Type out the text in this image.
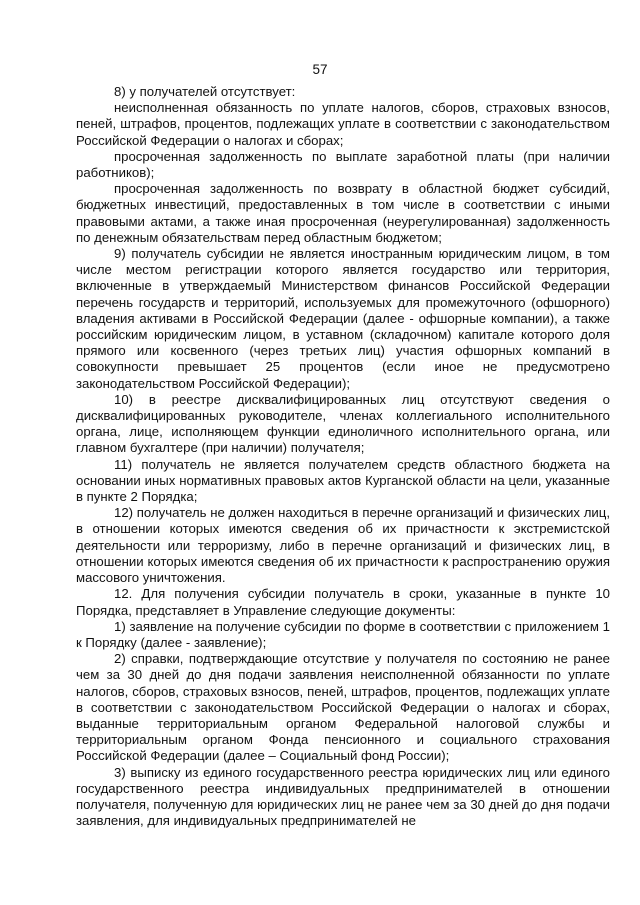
57

8) у получателей отсутствует:

неисполненная обязанность по уплате налогов, сборов, страховых взносов, пеней, штрафов, процентов, подлежащих уплате в соответствии с законодательством Российской Федерации о налогах и сборах;

просроченная задолженность по выплате заработной платы (при наличии работников);

просроченная задолженность по возврату в областной бюджет субсидий, бюджетных инвестиций, предоставленных в том числе в соответствии с иными правовыми актами, а также иная просроченная (неурегулированная) задолженность по денежным обязательствам перед областным бюджетом;

9) получатель субсидии не является иностранным юридическим лицом, в том числе местом регистрации которого является государство или территория, включенные в утверждаемый Министерством финансов Российской Федерации перечень государств и территорий, используемых для промежуточного (офшорного) владения активами в Российской Федерации (далее - офшорные компании), а также российским юридическим лицом, в уставном (складочном) капитале которого доля прямого или косвенного (через третьих лиц) участия офшорных компаний в совокупности превышает 25 процентов (если иное не предусмотрено законодательством Российской Федерации);

10) в реестре дисквалифицированных лиц отсутствуют сведения о дисквалифицированных руководителе, членах коллегиального исполнительного органа, лице, исполняющем функции единоличного исполнительного органа, или главном бухгалтере (при наличии) получателя;

11) получатель не является получателем средств областного бюджета на основании иных нормативных правовых актов Курганской области на цели, указанные в пункте 2 Порядка;

12) получатель не должен находиться в перечне организаций и физических лиц, в отношении которых имеются сведения об их причастности к экстремистской деятельности или терроризму, либо в перечне организаций и физических лиц, в отношении которых имеются сведения об их причастности к распространению оружия массового уничтожения.

12. Для получения субсидии получатель в сроки, указанные в пункте 10 Порядка, представляет в Управление следующие документы:

1) заявление на получение субсидии по форме в соответствии с приложением 1 к Порядку (далее - заявление);

2) справки, подтверждающие отсутствие у получателя по состоянию не ранее чем за 30 дней до дня подачи заявления неисполненной обязанности по уплате налогов, сборов, страховых взносов, пеней, штрафов, процентов, подлежащих уплате в соответствии с законодательством Российской Федерации о налогах и сборах, выданные территориальным органом Федеральной налоговой службы и территориальным органом Фонда пенсионного и социального страхования Российской Федерации (далее – Социальный фонд России);

3) выписку из единого государственного реестра юридических лиц или единого государственного реестра индивидуальных предпринимателей в отношении получателя, полученную для юридических лиц не ранее чем за 30 дней до дня подачи заявления, для индивидуальных предпринимателей не
